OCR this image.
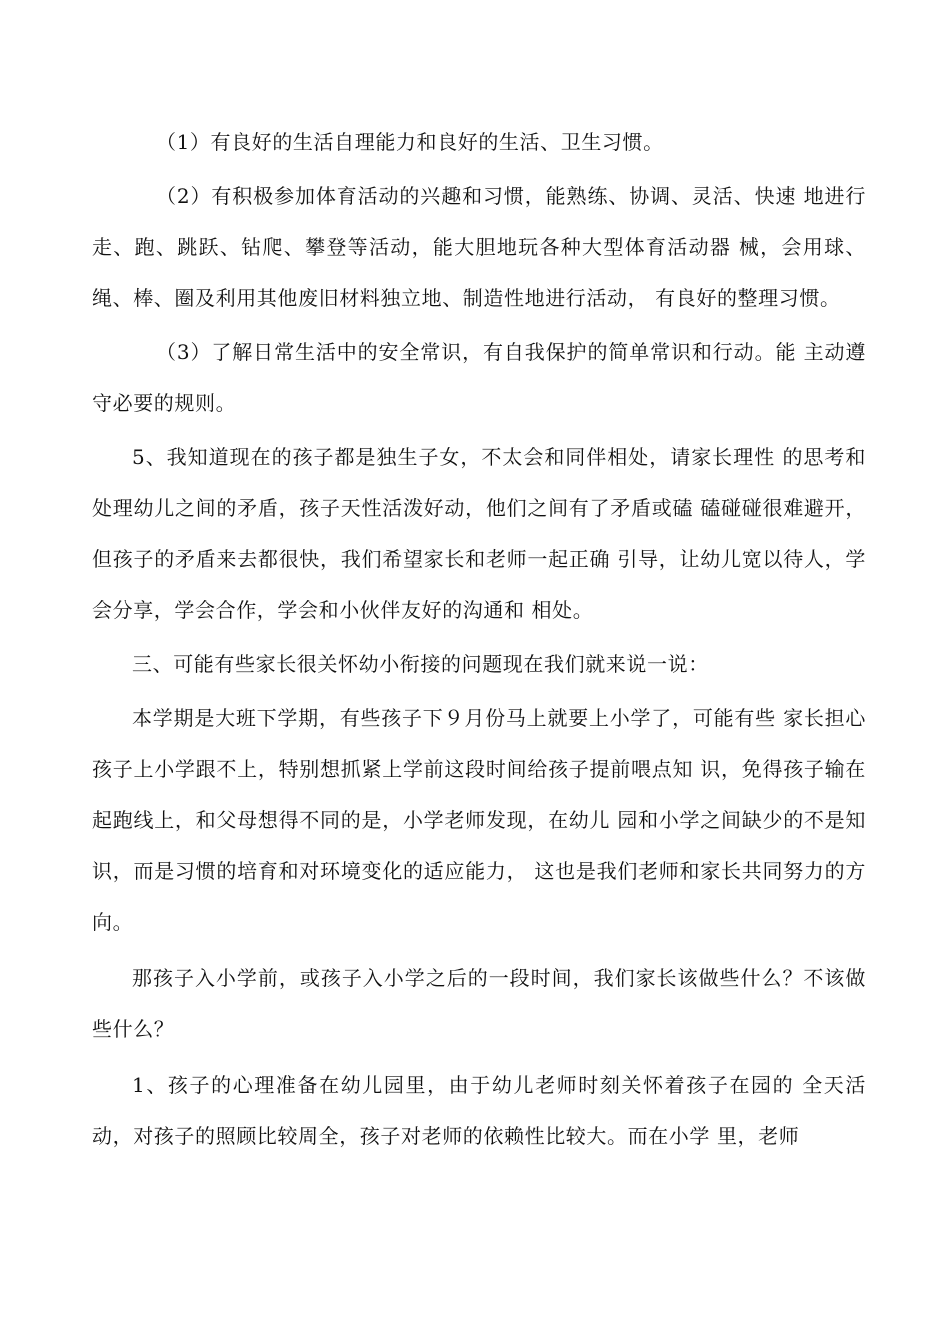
（1）有良好的生活自理能力和良好的生活、卫生习惯。

（2）有积极参加体育活动的兴趣和习惯，能熟练、协调、灵活、快速 地进行走、跑、跳跃、钻爬、攀登等活动，能大胆地玩各种大型体育活动器 械，会用球、绳、棒、圈及利用其他废旧材料独立地、制造性地进行活动， 有良好的整理习惯。

（3）了解日常生活中的安全常识，有自我保护的简单常识和行动。能 主动遵守必要的规则。

5、我知道现在的孩子都是独生子女，不太会和同伴相处，请家长理性 的思考和处理幼儿之间的矛盾，孩子天性活泼好动，他们之间有了矛盾或磕 磕碰碰很难避开，但孩子的矛盾来去都很快，我们希望家长和老师一起正确 引导，让幼儿宽以待人，学会分享，学会合作，学会和小伙伴友好的沟通和 相处。

三、可能有些家长很关怀幼小衔接的问题现在我们就来说一说：

本学期是大班下学期，有些孩子下９月份马上就要上小学了，可能有些 家长担心孩子上小学跟不上，特别想抓紧上学前这段时间给孩子提前喂点知 识，免得孩子输在起跑线上，和父母想得不同的是，小学老师发现，在幼儿 园和小学之间缺少的不是知识，而是习惯的培育和对环境变化的适应能力， 这也是我们老师和家长共同努力的方向。

那孩子入小学前，或孩子入小学之后的一段时间，我们家长该做些什么？不该做些什么？

1、孩子的心理准备在幼儿园里，由于幼儿老师时刻关怀着孩子在园的 全天活动，对孩子的照顾比较周全，孩子对老师的依赖性比较大。而在小学 里，老师
